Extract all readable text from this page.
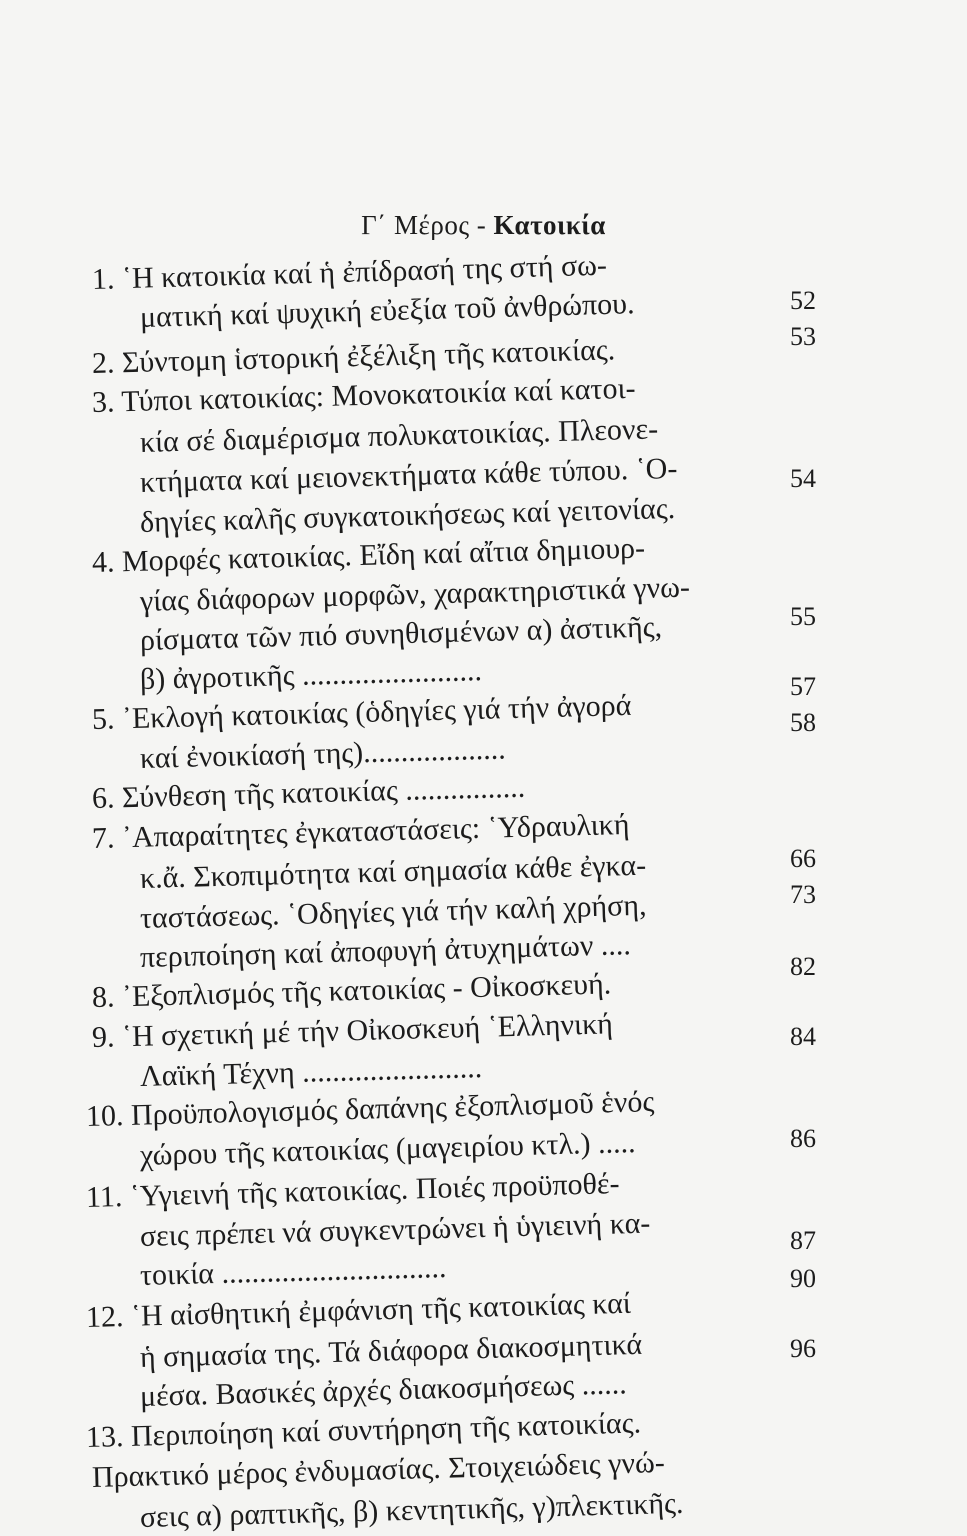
Γ΄ Μέρος - Κατοικία
1. ῾Η κατοικία καί ἡ ἐπίδρασή της στή σω-
ματική καί ψυχική εὐεξία τοῦ ἀνθρώπου.
2. Σύντομη ἱστορική ἐξέλιξη τῆς κατοικίας.
3. Τύποι κατοικίας: Μονοκατοικία καί κατοι-
κία σέ διαμέρισμα πολυκατοικίας. Πλεονε-
κτήματα καί μειονεκτήματα κάθε τύπου. ῾Ο-
δηγίες καλῆς συγκατοικήσεως καί γειτονίας.
4. Μορφές κατοικίας. Εἴδη καί αἴτια δημιουρ-
γίας διάφορων μορφῶν, χαρακτηριστικά γνω-
ρίσματα τῶν πιό συνηθισμένων α) ἀστικῆς,
β) ἀγροτικῆς ........................
5. ᾿Εκλογή κατοικίας (ὁδηγίες γιά τήν ἀγορά
καί ἐνοικίασή της)...................
6. Σύνθεση τῆς κατοικίας ................
7. ᾿Απαραίτητες ἐγκαταστάσεις: ῾Υδραυλική
κ.ἄ. Σκοπιμότητα καί σημασία κάθε ἐγκα-
ταστάσεως. ῾Οδηγίες γιά τήν καλή χρήση,
περιποίηση καί ἀποφυγή ἀτυχημάτων ....
8. ᾿Εξοπλισμός τῆς κατοικίας - Οἰκοσκευή.
9. ῾Η σχετική μέ τήν Οἰκοσκευή ῾Ελληνική
Λαϊκή Τέχνη ........................
10. Προϋπολογισμός δαπάνης ἐξοπλισμοῦ ἑνός
χώρου τῆς κατοικίας (μαγειρίου κτλ.) .....
11. ῾Υγιεινή τῆς κατοικίας. Ποιές προϋποθέ-
σεις πρέπει νά συγκεντρώνει ἡ ὑγιεινή κα-
τοικία ..............................
12. ῾Η αἰσθητική ἐμφάνιση τῆς κατοικίας καί
ἡ σημασία της. Τά διάφορα διακοσμητικά
μέσα. Βασικές ἀρχές διακοσμήσεως ......
13. Περιποίηση καί συντήρηση τῆς κατοικίας.
Πρακτικό μέρος ἐνδυμασίας. Στοιχειώδεις γνώ-
σεις α) ραπτικῆς, β) κεντητικῆς, γ)πλεκτικῆς.
52
53
54
55
57
58
66
73
82
84
86
87
90
96
